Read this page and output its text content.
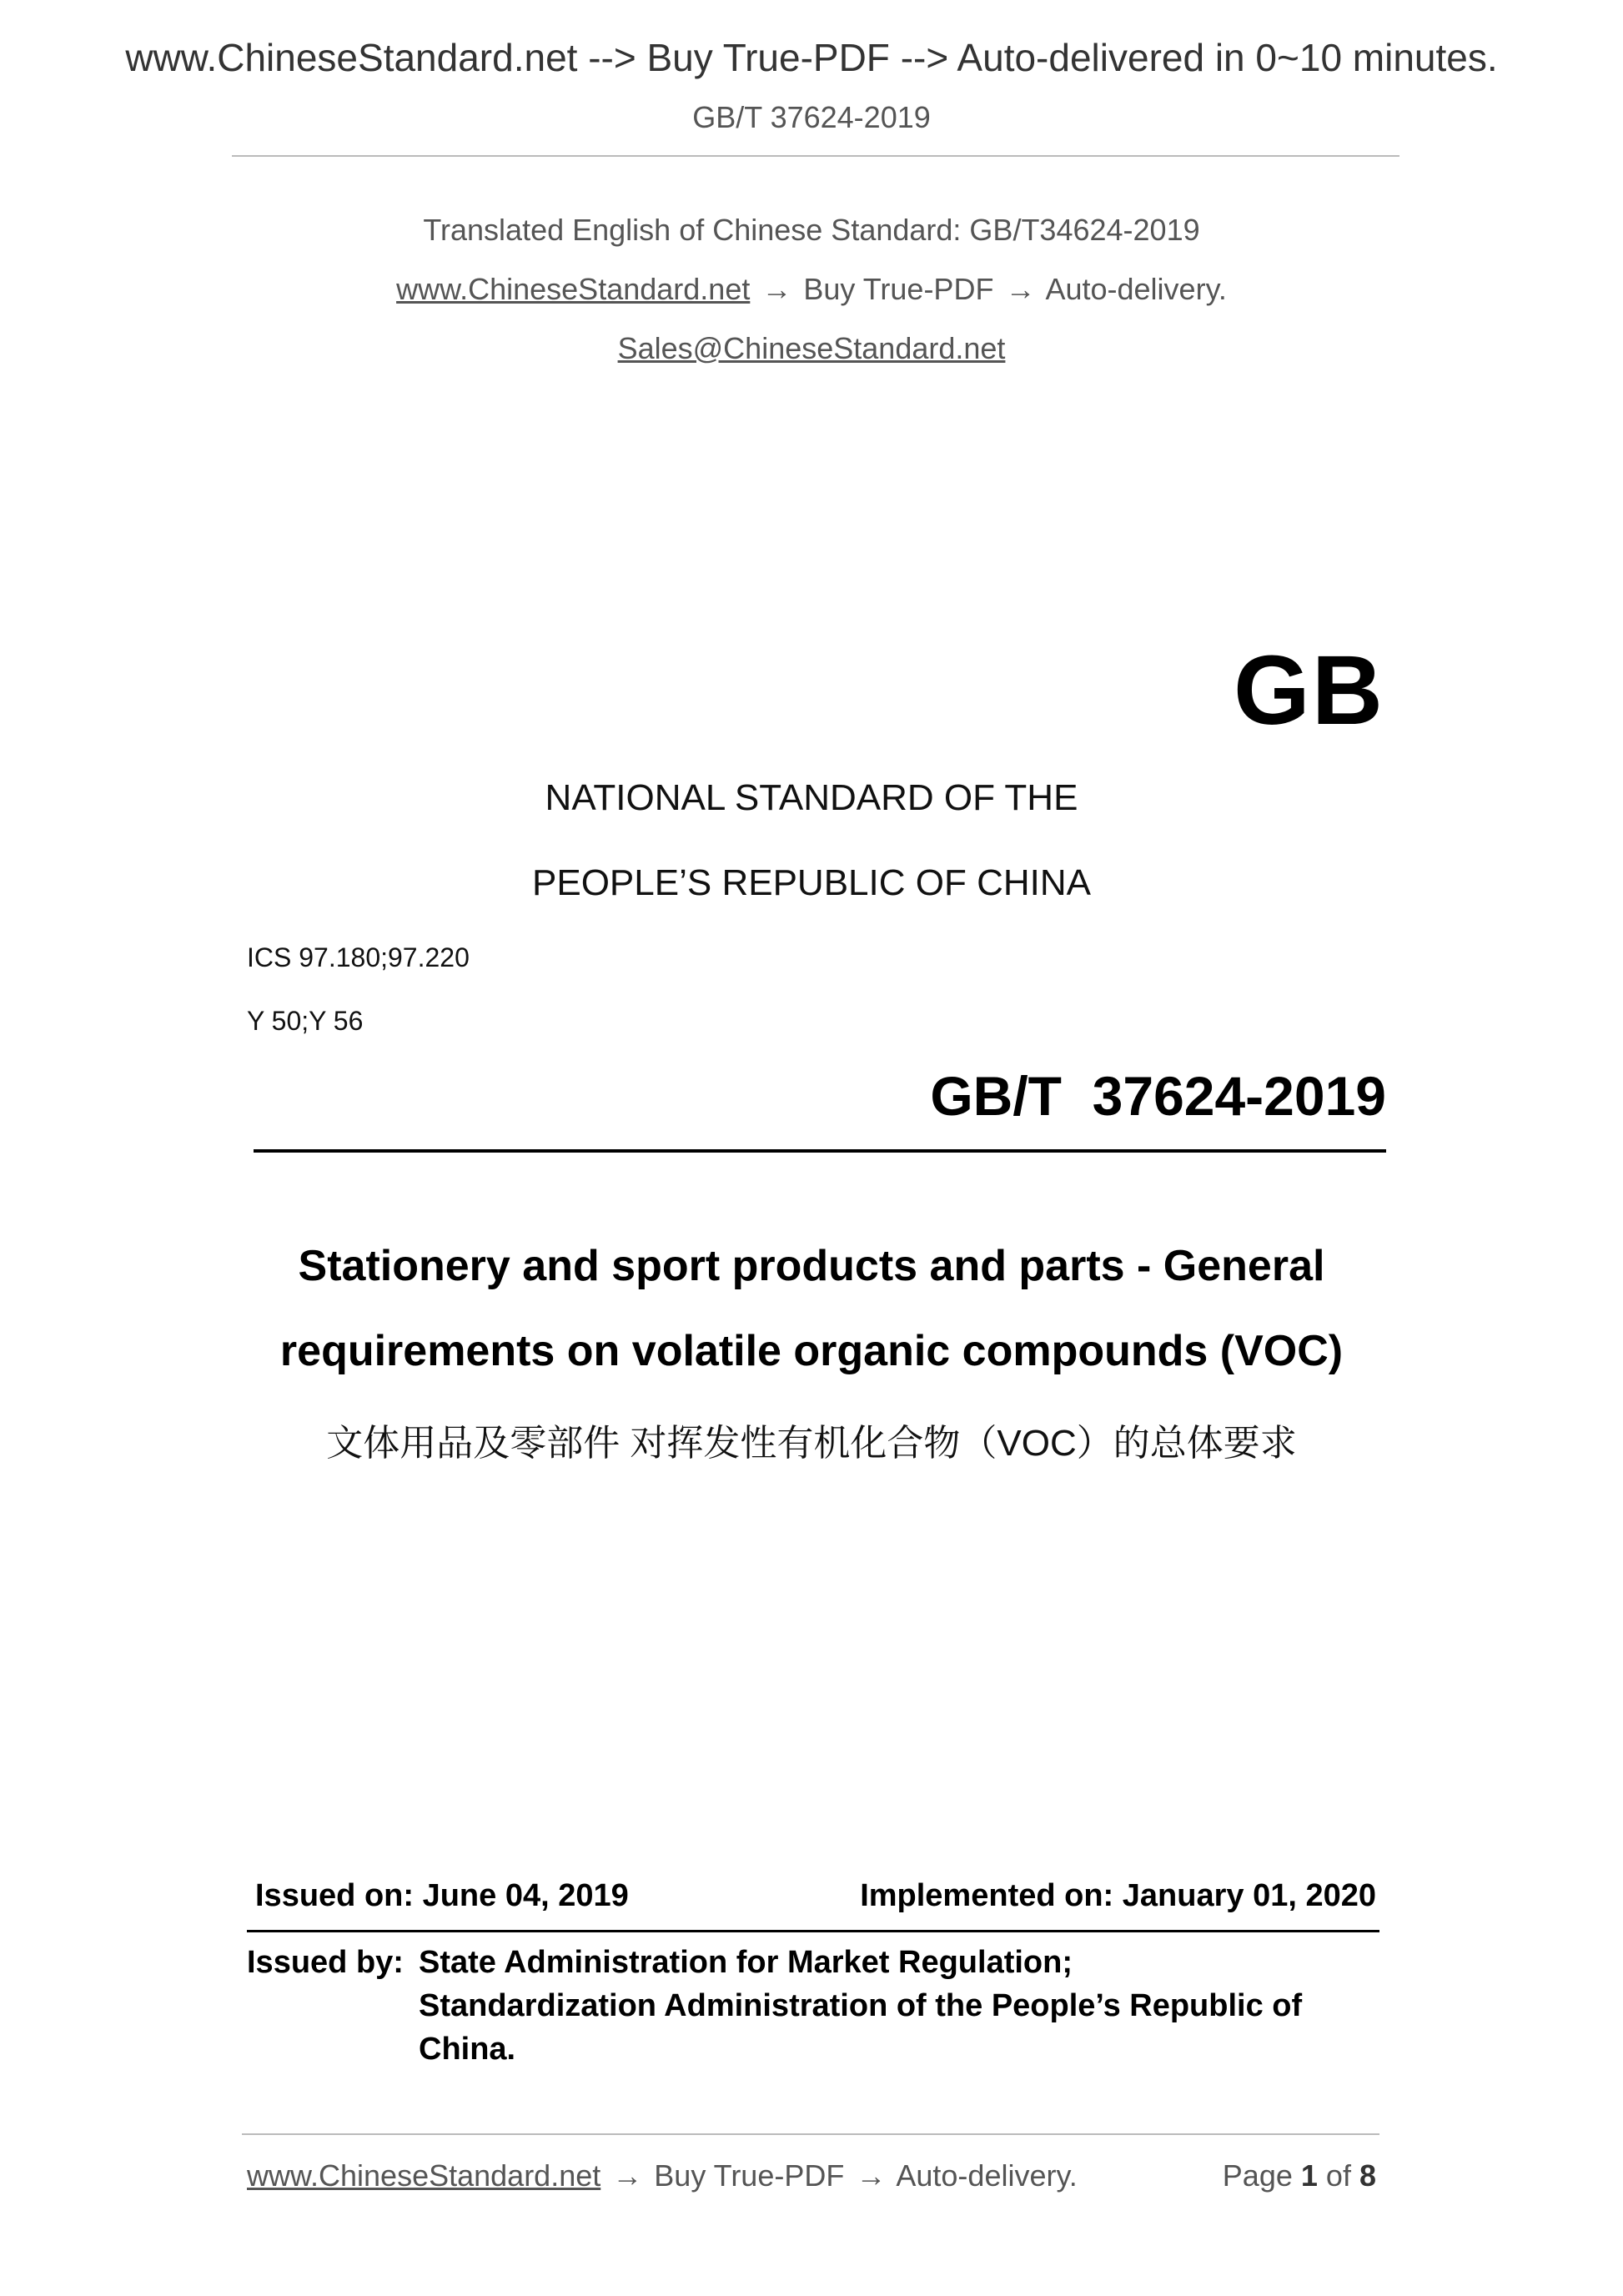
www.ChineseStandard.net --> Buy True-PDF --> Auto-delivered in 0~10 minutes.
GB/T 37624-2019
Translated English of Chinese Standard: GB/T34624-2019
www.ChineseStandard.net → Buy True-PDF → Auto-delivery.
Sales@ChineseStandard.net
GB
NATIONAL STANDARD OF THE
PEOPLE’S REPUBLIC OF CHINA
ICS 97.180;97.220
Y 50;Y 56
GB/T  37624-2019
Stationery and sport products and parts - General
requirements on volatile organic compounds (VOC)
文体用品及零部件 对挥发性有机化合物（VOC）的总体要求
Issued on: June 04, 2019	Implemented on: January 01, 2020
Issued by: State Administration for Market Regulation;
Standardization Administration of the People’s Republic of
China.
www.ChineseStandard.net → Buy True-PDF → Auto-delivery.	Page 1 of 8
